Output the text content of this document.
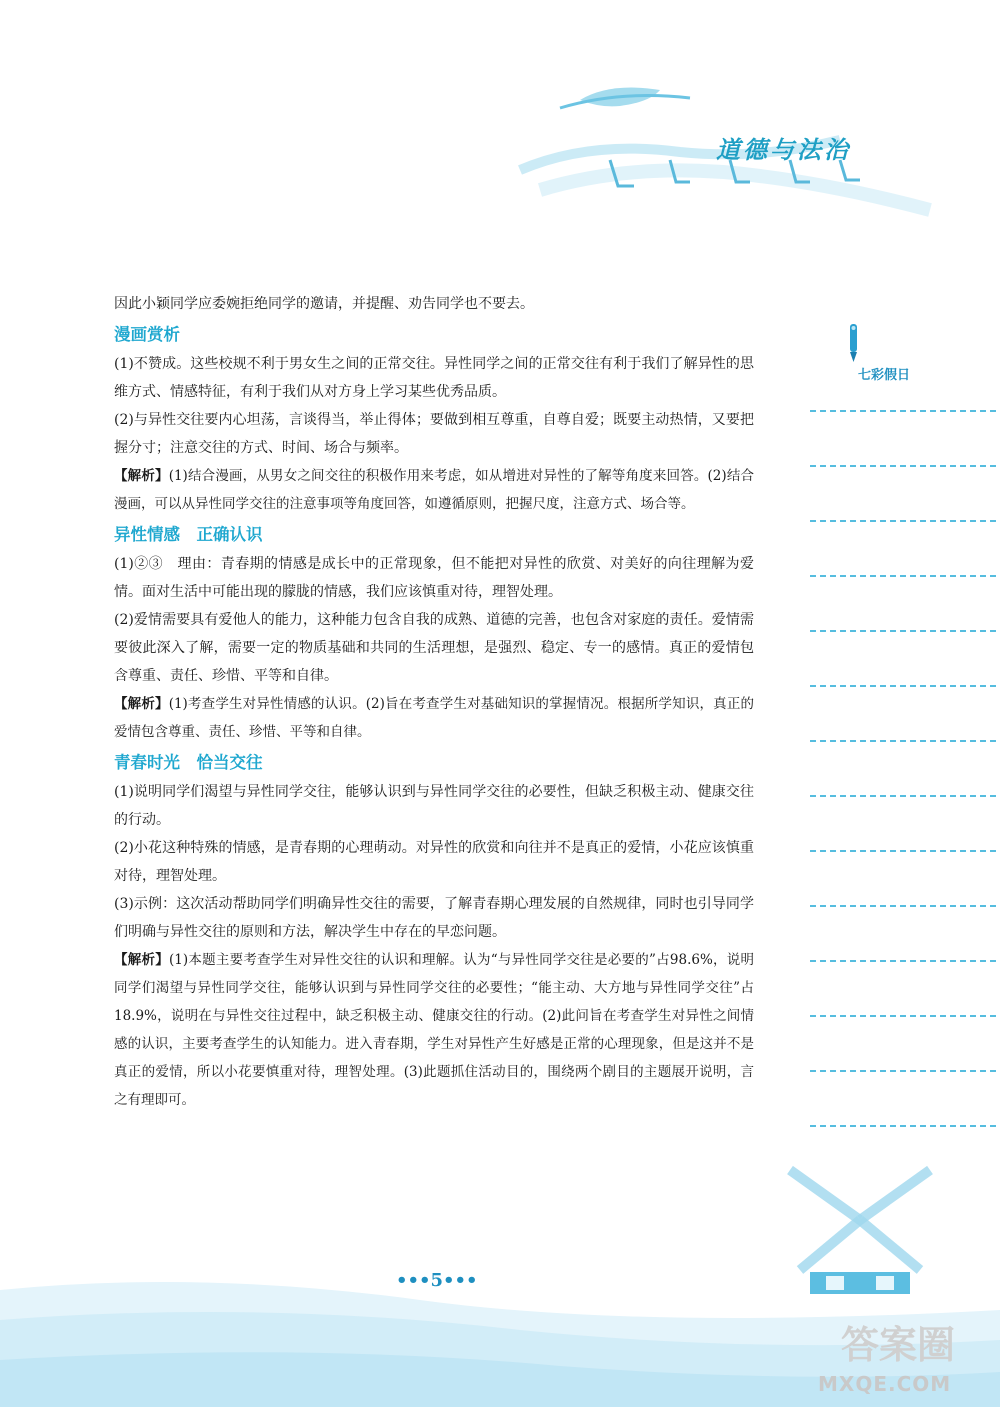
道德与法治

因此小颖同学应委婉拒绝同学的邀请，并提醒、劝告同学也不要去。

漫画赏析

(1)不赞成。这些校规不利于男女生之间的正常交往。异性同学之间的正常交往有利于我们了解异性的思维方式、情感特征，有利于我们从对方身上学习某些优秀品质。

(2)与异性交往要内心坦荡，言谈得当，举止得体；要做到相互尊重，自尊自爱；既要主动热情，又要把握分寸；注意交往的方式、时间、场合与频率。

【解析】(1)结合漫画，从男女之间交往的积极作用来考虑，如从增进对异性的了解等角度来回答。(2)结合漫画，可以从异性同学交往的注意事项等角度回答，如遵循原则，把握尺度，注意方式、场合等。

异性情感　正确认识

(1)②③　理由：青春期的情感是成长中的正常现象，但不能把对异性的欣赏、对美好的向往理解为爱情。面对生活中可能出现的朦胧的情感，我们应该慎重对待，理智处理。

(2)爱情需要具有爱他人的能力，这种能力包含自我的成熟、道德的完善，也包含对家庭的责任。爱情需要彼此深入了解，需要一定的物质基础和共同的生活理想，是强烈、稳定、专一的感情。真正的爱情包含尊重、责任、珍惜、平等和自律。

【解析】(1)考查学生对异性情感的认识。(2)旨在考查学生对基础知识的掌握情况。根据所学知识，真正的爱情包含尊重、责任、珍惜、平等和自律。

青春时光　恰当交往

(1)说明同学们渴望与异性同学交往，能够认识到与异性同学交往的必要性，但缺乏积极主动、健康交往的行动。

(2)小花这种特殊的情感，是青春期的心理萌动。对异性的欣赏和向往并不是真正的爱情，小花应该慎重对待，理智处理。

(3)示例：这次活动帮助同学们明确异性交往的需要，了解青春期心理发展的自然规律，同时也引导同学们明确与异性交往的原则和方法，解决学生中存在的早恋问题。

【解析】(1)本题主要考查学生对异性交往的认识和理解。认为“与异性同学交往是必要的”占98.6%，说明同学们渴望与异性同学交往，能够认识到与异性同学交往的必要性；“能主动、大方地与异性同学交往”占18.9%，说明在与异性交往过程中，缺乏积极主动、健康交往的行动。(2)此问旨在考查学生对异性之间情感的认识，主要考查学生的认知能力。进入青春期，学生对异性产生好感是正常的心理现象，但是这并不是真正的爱情，所以小花要慎重对待，理智处理。(3)此题抓住活动目的，围绕两个剧目的主题展开说明，言之有理即可。

七彩假日
•••5•••
答案圈
MXQE.COM
